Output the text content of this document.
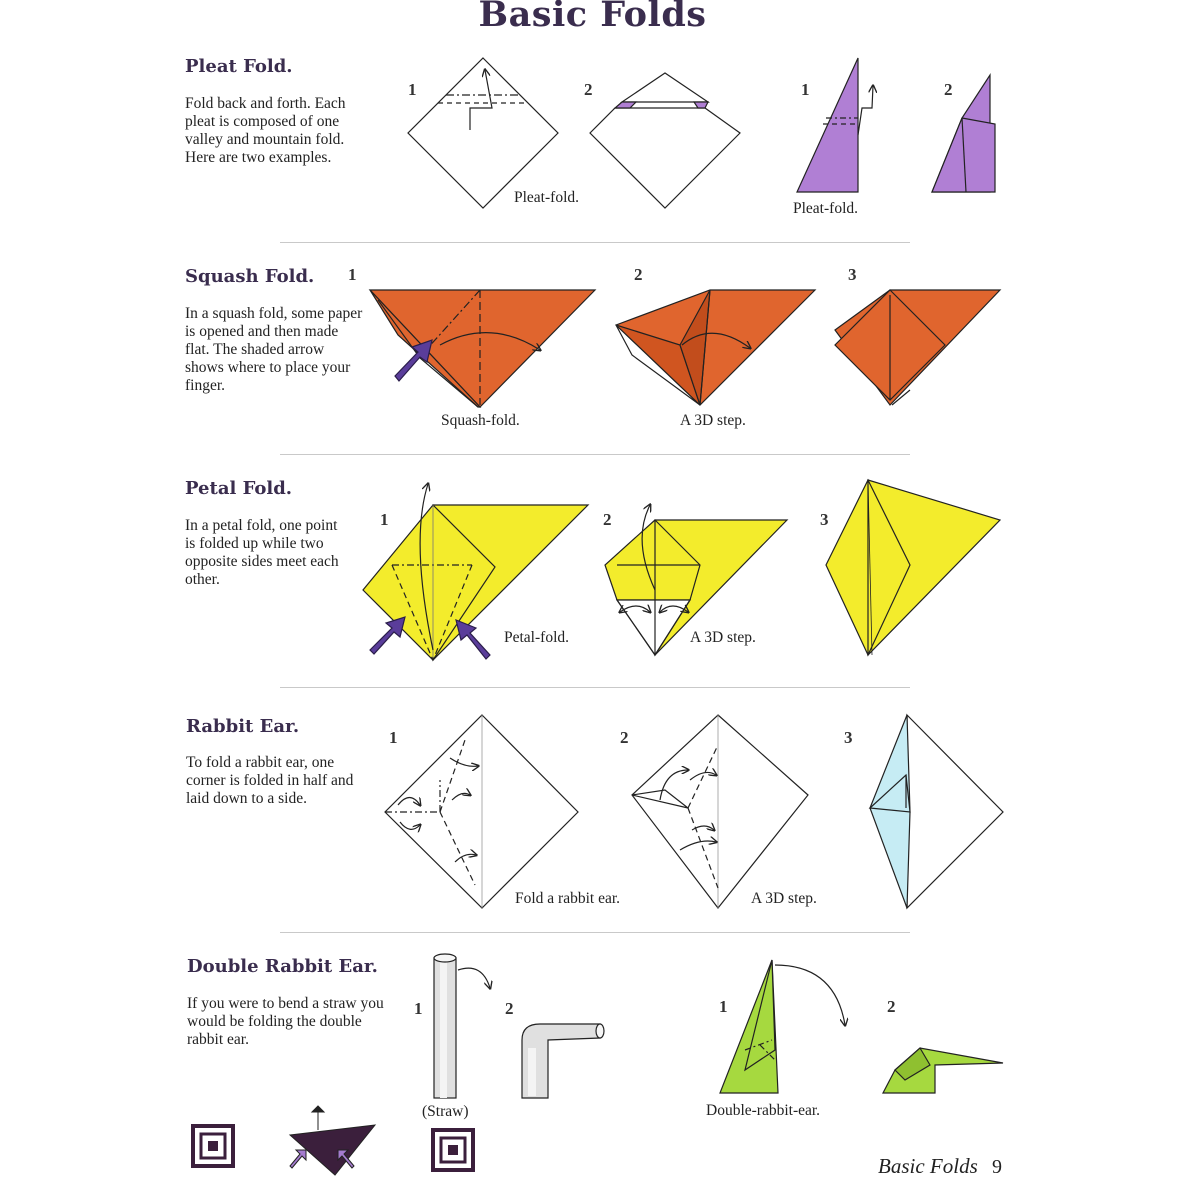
Basic Folds
Pleat Fold.
Fold back and forth. Each pleat is composed of one valley and mountain fold. Here are two examples.
1	2	1	2
Pleat-fold.
Pleat-fold.
Squash Fold.
In a squash fold, some paper is opened and then made flat. The shaded arrow shows where to place your finger.
1	2	3
Squash-fold.	A 3D step.
Petal Fold.
In a petal fold, one point is folded up while two opposite sides meet each other.
1	2	3
Petal-fold.	A 3D step.
Rabbit Ear.
To fold a rabbit ear, one corner is folded in half and laid down to a side.
1	2	3
Fold a rabbit ear.	A 3D step.
Double Rabbit Ear.
If you were to bend a straw you would be folding the double rabbit ear.
1	2	1	2
(Straw)	Double-rabbit-ear.
Basic Folds 9
